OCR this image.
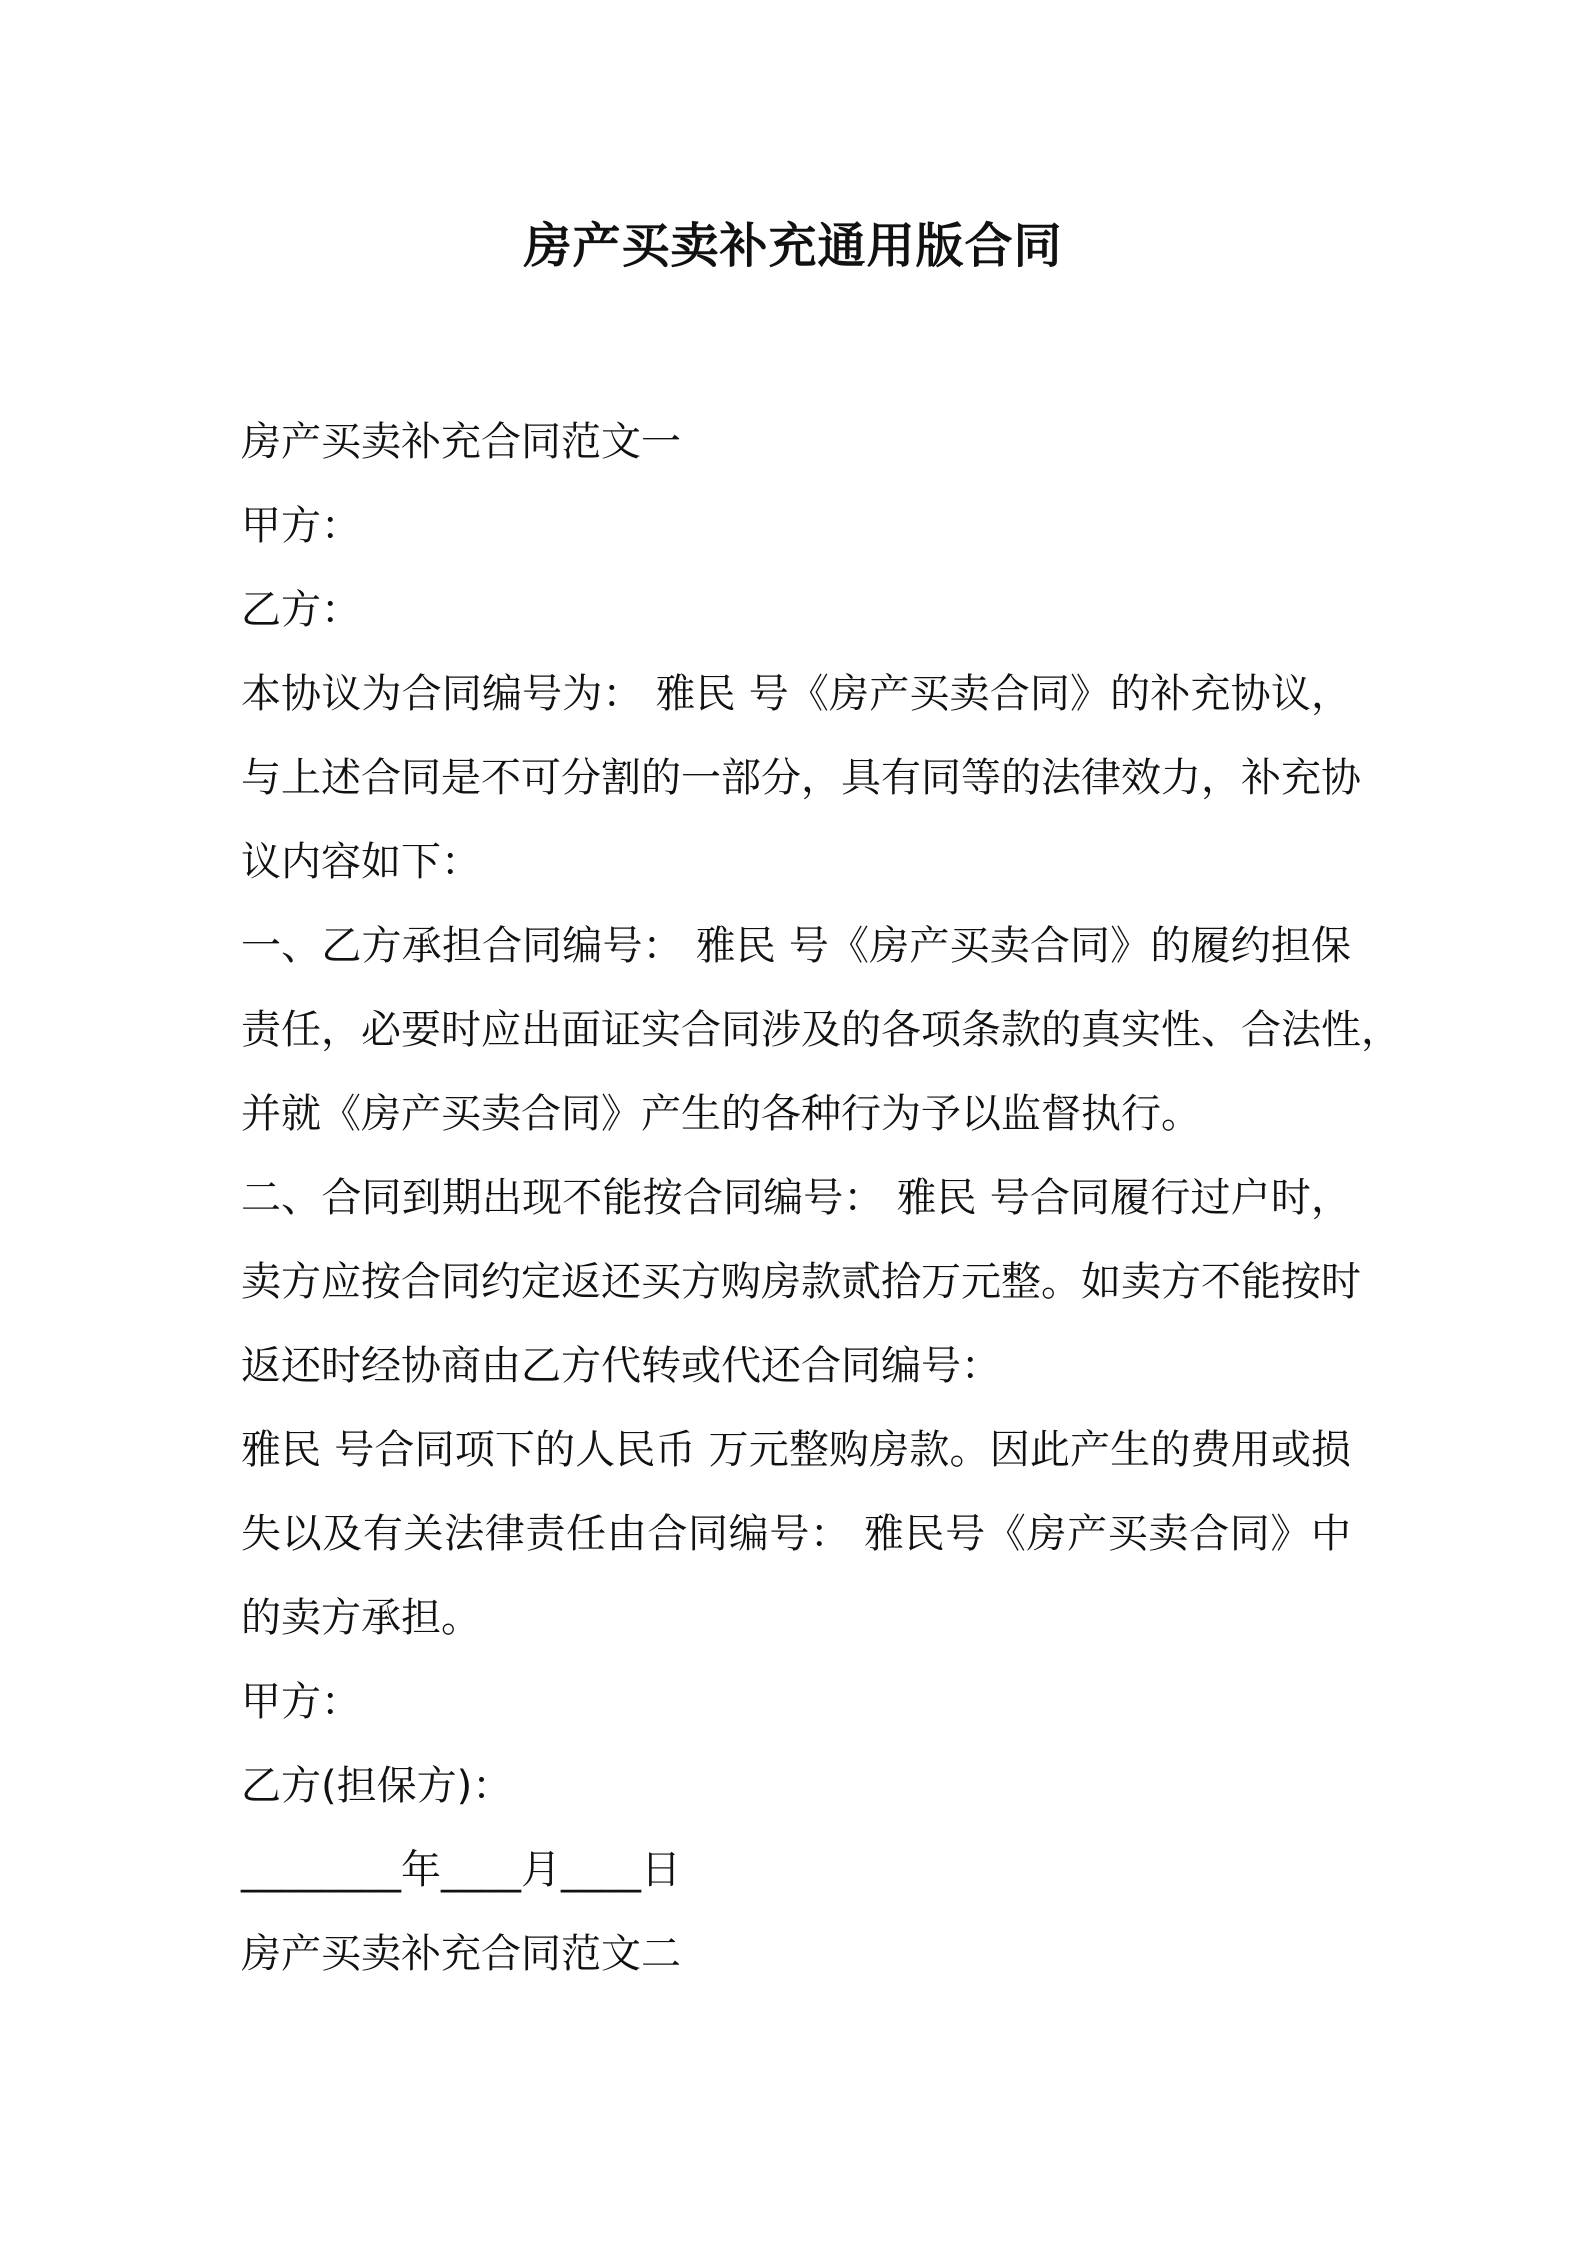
房产买卖补充通用版合同
房产买卖补充合同范文一
甲方：
乙方：
本协议为合同编号为： 雅民 号《房产买卖合同》的补充协议，
与上述合同是不可分割的一部分，具有同等的法律效力，补充协
议内容如下：
一、乙方承担合同编号： 雅民 号《房产买卖合同》的履约担保
责任，必要时应出面证实合同涉及的各项条款的真实性、合法性，
并就《房产买卖合同》产生的各种行为予以监督执行。
二、合同到期出现不能按合同编号： 雅民 号合同履行过户时，
卖方应按合同约定返还买方购房款贰拾万元整。如卖方不能按时
返还时经协商由乙方代转或代还合同编号：
雅民 号合同项下的人民币 万元整购房款。因此产生的费用或损
失以及有关法律责任由合同编号： 雅民号《房产买卖合同》中
的卖方承担。
甲方：
乙方(担保方)：
________年____月____日
房产买卖补充合同范文二
